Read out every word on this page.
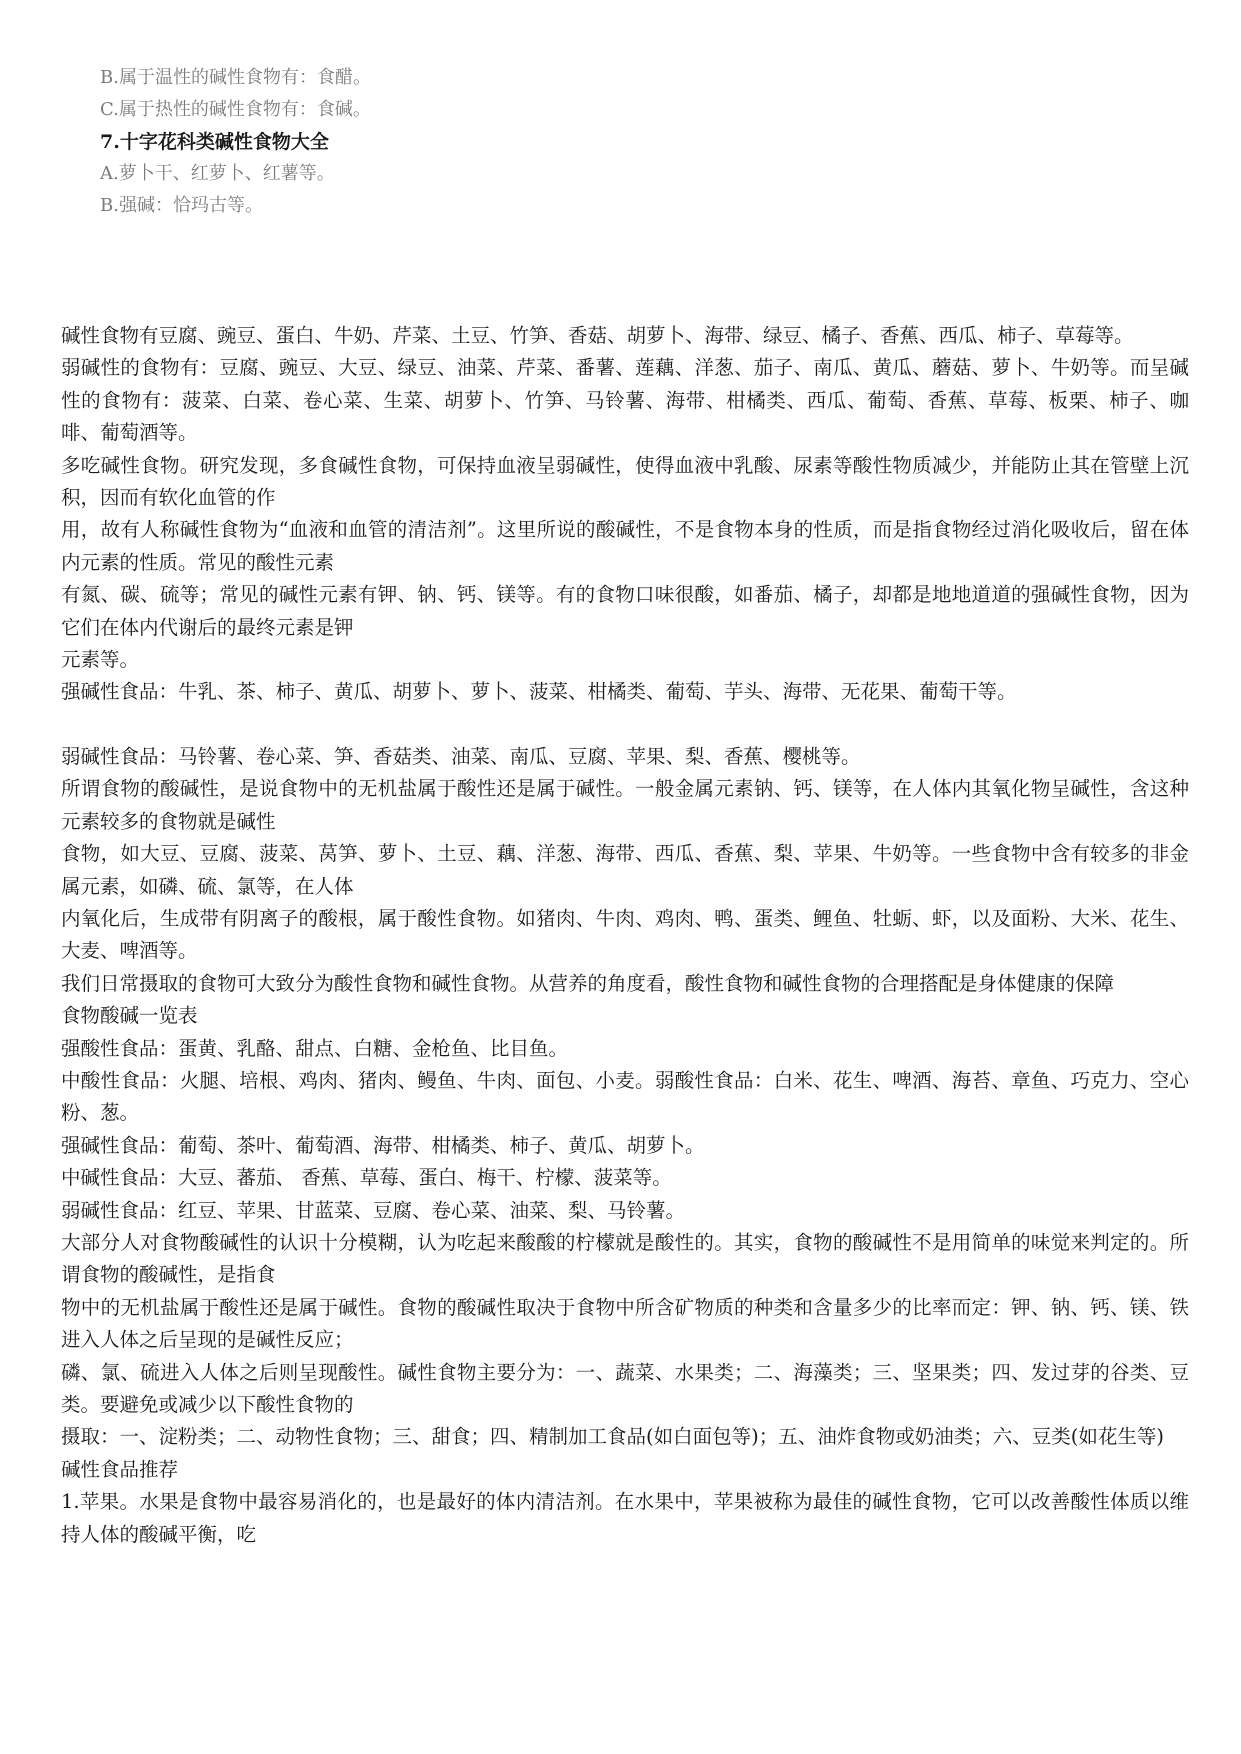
B.属于温性的碱性食物有：食醋。
C.属于热性的碱性食物有：食碱。
7.十字花科类碱性食物大全
A.萝卜干、红萝卜、红薯等。
B.强碱：恰玛古等。

碱性食物有豆腐、豌豆、蛋白、牛奶、芹菜、土豆、竹笋、香菇、胡萝卜、海带、绿豆、橘子、香蕉、西瓜、柿子、草莓等。

弱碱性的食物有：豆腐、豌豆、大豆、绿豆、油菜、芹菜、番薯、莲藕、洋葱、茄子、南瓜、黄瓜、蘑菇、萝卜、牛奶等。而呈碱性的食物有：菠菜、白菜、卷心菜、生菜、胡萝卜、竹笋、马铃薯、海带、柑橘类、西瓜、葡萄、香蕉、草莓、板栗、柿子、咖啡、葡萄酒等。

多吃碱性食物。研究发现，多食碱性食物，可保持血液呈弱碱性，使得血液中乳酸、尿素等酸性物质减少，并能防止其在管壁上沉积，因而有软化血管的作

用，故有人称碱性食物为“血液和血管的清洁剂”。这里所说的酸碱性，不是食物本身的性质，而是指食物经过消化吸收后，留在体内元素的性质。常见的酸性元素

有氮、碳、硫等；常见的碱性元素有钾、钠、钙、镁等。有的食物口味很酸，如番茄、橘子，却都是地地道道的强碱性食物，因为它们在体内代谢后的最终元素是钾

元素等。

强碱性食品：牛乳、茶、柿子、黄瓜、胡萝卜、萝卜、菠菜、柑橘类、葡萄、芋头、海带、无花果、葡萄干等。

弱碱性食品：马铃薯、卷心菜、笋、香菇类、油菜、南瓜、豆腐、苹果、梨、香蕉、樱桃等。

所谓食物的酸碱性，是说食物中的无机盐属于酸性还是属于碱性。一般金属元素钠、钙、镁等，在人体内其氧化物呈碱性，含这种元素较多的食物就是碱性

食物，如大豆、豆腐、菠菜、莴笋、萝卜、土豆、藕、洋葱、海带、西瓜、香蕉、梨、苹果、牛奶等。一些食物中含有较多的非金属元素，如磷、硫、氯等，在人体

内氧化后，生成带有阴离子的酸根，属于酸性食物。如猪肉、牛肉、鸡肉、鸭、蛋类、鲤鱼、牡蛎、虾，以及面粉、大米、花生、大麦、啤酒等。

我们日常摄取的食物可大致分为酸性食物和碱性食物。从营养的角度看，酸性食物和碱性食物的合理搭配是身体健康的保障

食物酸碱一览表

强酸性食品：蛋黄、乳酪、甜点、白糖、金枪鱼、比目鱼。

中酸性食品：火腿、培根、鸡肉、猪肉、鳗鱼、牛肉、面包、小麦。弱酸性食品：白米、花生、啤酒、海苔、章鱼、巧克力、空心粉、葱。

强碱性食品：葡萄、茶叶、葡萄酒、海带、柑橘类、柿子、黄瓜、胡萝卜。

中碱性食品：大豆、蕃茄、 香蕉、草莓、蛋白、梅干、柠檬、菠菜等。

弱碱性食品：红豆、苹果、甘蓝菜、豆腐、卷心菜、油菜、梨、马铃薯。

大部分人对食物酸碱性的认识十分模糊，认为吃起来酸酸的柠檬就是酸性的。其实，食物的酸碱性不是用简单的味觉来判定的。所谓食物的酸碱性，是指食

物中的无机盐属于酸性还是属于碱性。食物的酸碱性取决于食物中所含矿物质的种类和含量多少的比率而定：钾、钠、钙、镁、铁进入人体之后呈现的是碱性反应；

磷、氯、硫进入人体之后则呈现酸性。碱性食物主要分为：一、蔬菜、水果类；二、海藻类；三、坚果类；四、发过芽的谷类、豆类。要避免或减少以下酸性食物的

摄取：一、淀粉类；二、动物性食物；三、甜食；四、精制加工食品(如白面包等)；五、油炸食物或奶油类；六、豆类(如花生等)

碱性食品推荐

1.苹果。水果是食物中最容易消化的，也是最好的体内清洁剂。在水果中，苹果被称为最佳的碱性食物，它可以改善酸性体质以维持人体的酸碱平衡，吃
